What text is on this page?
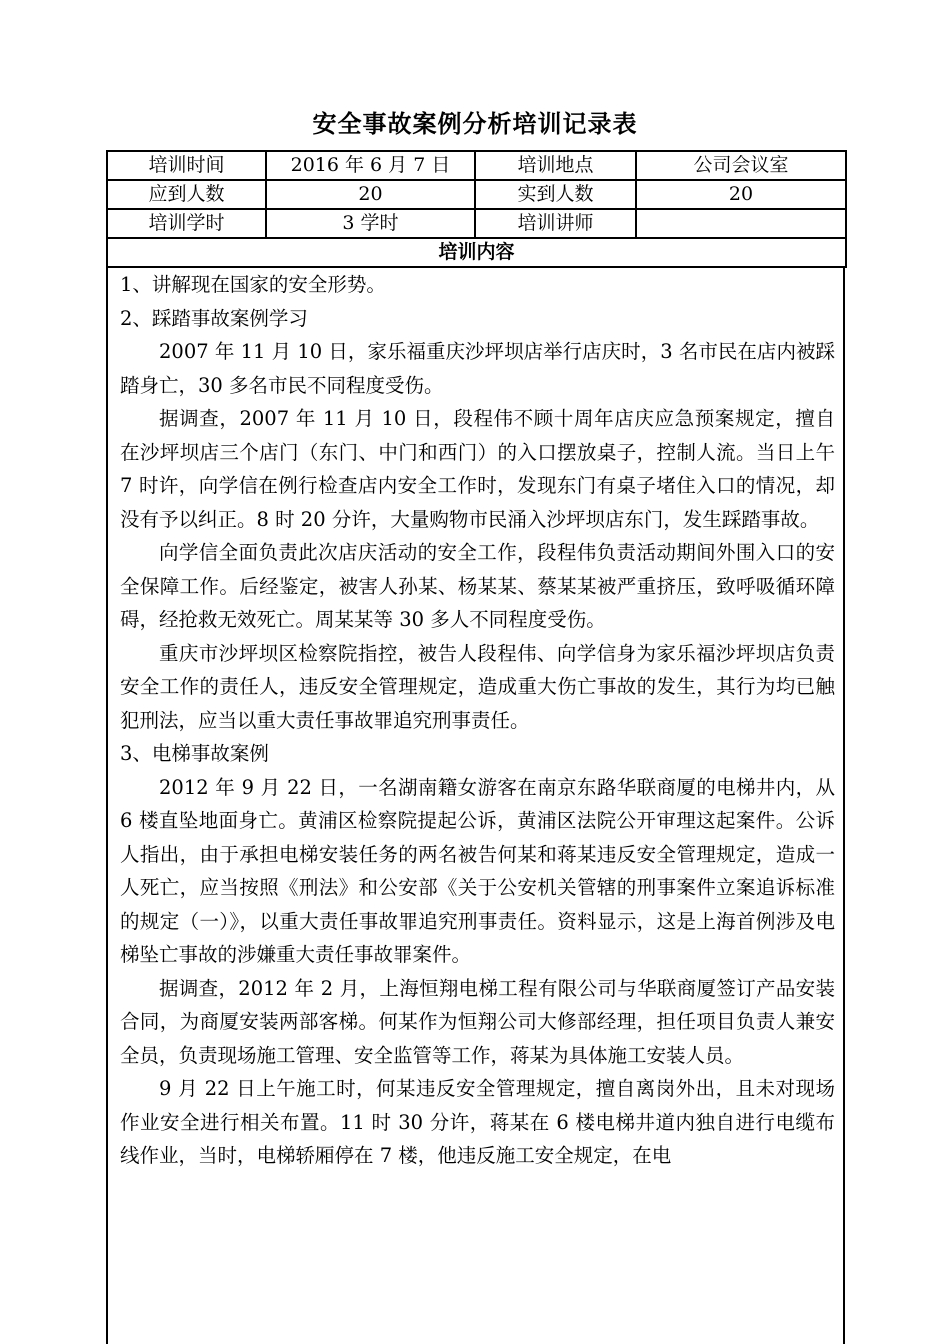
安全事故案例分析培训记录表
培训时间	2016 年 6 月 7 日	培训地点	公司会议室
应到人数	20	实到人数	20
培训学时	3 学时	培训讲师	
培训内容			

1、讲解现在国家的安全形势。

2、踩踏事故案例学习

2007 年 11 月 10 日，家乐福重庆沙坪坝店举行店庆时，3 名市民在店内被踩踏身亡，30 多名市民不同程度受伤。

据调查，2007 年 11 月 10 日，段程伟不顾十周年店庆应急预案规定，擅自在沙坪坝店三个店门（东门、中门和西门）的入口摆放桌子，控制人流。当日上午 7 时许，向学信在例行检查店内安全工作时，发现东门有桌子堵住入口的情况，却没有予以纠正。8 时 20 分许，大量购物市民涌入沙坪坝店东门，发生踩踏事故。

向学信全面负责此次店庆活动的安全工作，段程伟负责活动期间外围入口的安全保障工作。后经鉴定，被害人孙某、杨某某、蔡某某被严重挤压，致呼吸循环障碍，经抢救无效死亡。周某某等 30 多人不同程度受伤。

重庆市沙坪坝区检察院指控，被告人段程伟、向学信身为家乐福沙坪坝店负责安全工作的责任人，违反安全管理规定，造成重大伤亡事故的发生，其行为均已触犯刑法，应当以重大责任事故罪追究刑事责任。

3、电梯事故案例

2012 年 9 月 22 日，一名湖南籍女游客在南京东路华联商厦的电梯井内，从 6 楼直坠地面身亡。黄浦区检察院提起公诉，黄浦区法院公开审理这起案件。公诉人指出，由于承担电梯安装任务的两名被告何某和蒋某违反安全管理规定，造成一人死亡，应当按照《刑法》和公安部《关于公安机关管辖的刑事案件立案追诉标准的规定（一）》，以重大责任事故罪追究刑事责任。资料显示，这是上海首例涉及电梯坠亡事故的涉嫌重大责任事故罪案件。

据调查，2012 年 2 月，上海恒翔电梯工程有限公司与华联商厦签订产品安装合同，为商厦安装两部客梯。何某作为恒翔公司大修部经理，担任项目负责人兼安全员，负责现场施工管理、安全监管等工作，蒋某为具体施工安装人员。

9 月 22 日上午施工时，何某违反安全管理规定，擅自离岗外出，且未对现场作业安全进行相关布置。11 时 30 分许，蒋某在 6 楼电梯井道内独自进行电缆布线作业，当时，电梯轿厢停在 7 楼，他违反施工安全规定，在电
